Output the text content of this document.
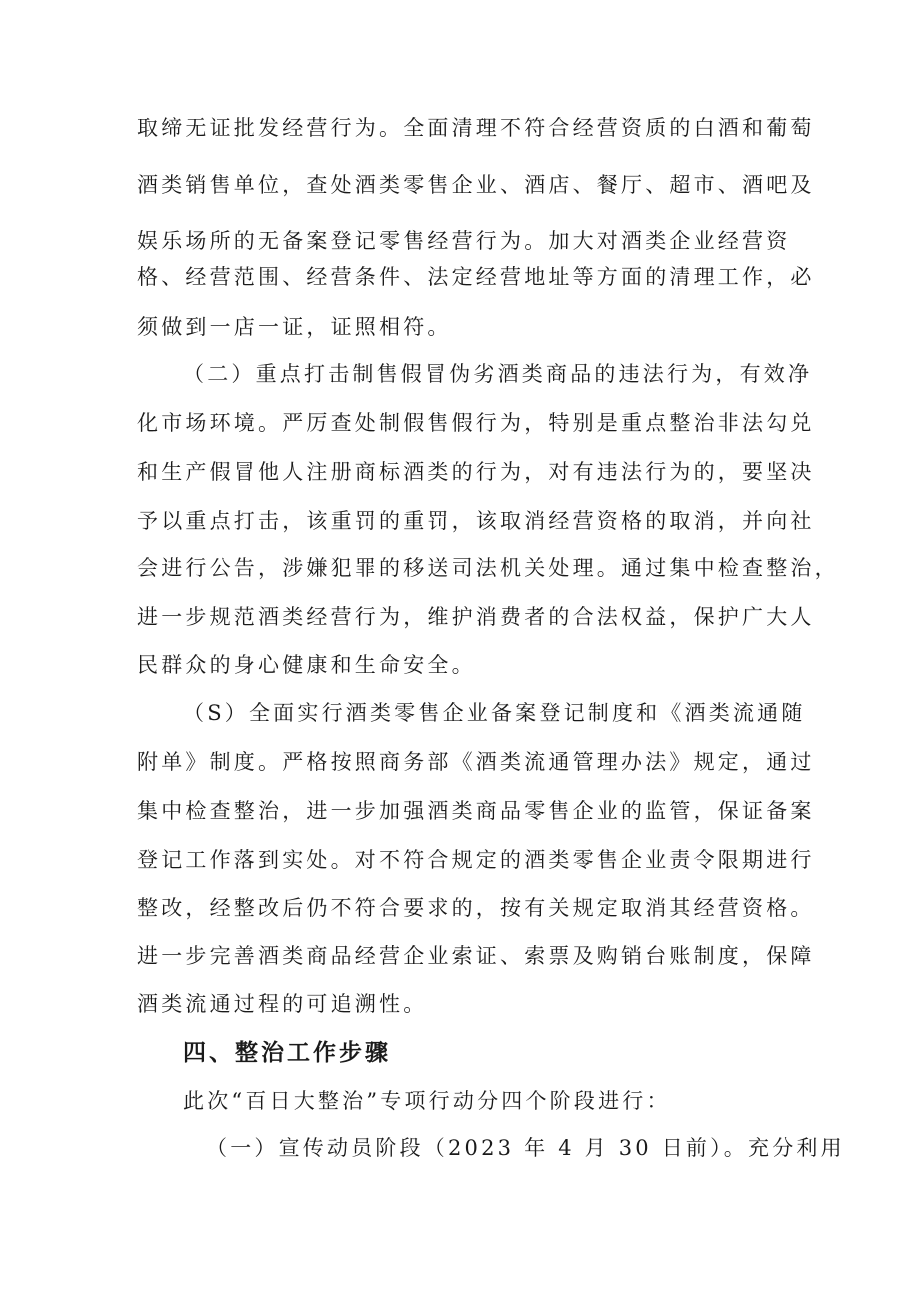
取缔无证批发经营行为。全面清理不符合经营资质的白酒和葡萄
酒类销售单位，查处酒类零售企业、酒店、餐厅、超市、酒吧及
娱乐场所的无备案登记零售经营行为。加大对酒类企业经营资
格、经营范围、经营条件、法定经营地址等方面的清理工作，必
须做到一店一证，证照相符。
（二）重点打击制售假冒伪劣酒类商品的违法行为，有效净
化市场环境。严厉查处制假售假行为，特别是重点整治非法勾兑
和生产假冒他人注册商标酒类的行为，对有违法行为的，要坚决
予以重点打击，该重罚的重罚，该取消经营资格的取消，并向社
会进行公告，涉嫌犯罪的移送司法机关处理。通过集中检查整治，
进一步规范酒类经营行为，维护消费者的合法权益，保护广大人
民群众的身心健康和生命安全。
（S）全面实行酒类零售企业备案登记制度和《酒类流通随
附单》制度。严格按照商务部《酒类流通管理办法》规定，通过
集中检查整治，进一步加强酒类商品零售企业的监管，保证备案
登记工作落到实处。对不符合规定的酒类零售企业责令限期进行
整改，经整改后仍不符合要求的，按有关规定取消其经营资格。
进一步完善酒类商品经营企业索证、索票及购销台账制度，保障
酒类流通过程的可追溯性。
四、整治工作步骤
此次“百日大整治”专项行动分四个阶段进行：
（一）宣传动员阶段（2023 年 4 月 30 日前）。充分利用
